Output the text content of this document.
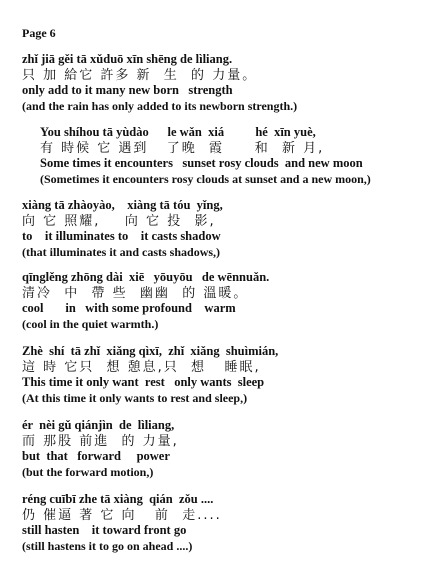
Page 6
zhǐ jiā gěi tā xǔduō xīn shēng de lìliang.
只 加 給它 許多 新  生  的 力量。
only add to it many new born   strength
(and the rain has only added to its newborn strength.)
You shíhou tā yùdào      le wǎn  xiá          hé  xīn yuè,
有 時候 它 遇到   了晚  霞     和  新 月,
Some times it encounters   sunset rosy clouds  and new moon
(Sometimes it encounters rosy clouds at sunset and a new moon,)
xiàng tā zhàoyào,    xiàng tā tóu  yǐng,
向 它 照耀,    向 它 投  影,
to    it illuminates to    it casts shadow
(that illuminates it and casts shadows,)
qīnglěng zhōng dài  xiē   yōuyōu   de wēnnuǎn.
清冷  中  帶 些  幽幽  的 溫暖。
cool       in   with some profound    warm
(cool in the quiet warmth.)
Zhè  shí  tā zhǐ  xiǎng qìxī,  zhǐ  xiǎng  shuìmián,
這 時 它只  想 憩息,只  想   睡眠,
This time it only want  rest   only wants  sleep
(At this time it only wants to rest and sleep,)
ér  nèi gǔ qiánjìn  de  lìliang,
而 那股 前進  的 力量,
but  that   forward     power
(but the forward motion,)
réng cuībī zhe tā xiàng  qián  zǒu ....
仍 催逼 著 它 向   前  走....
still hasten    it toward front go
(still hastens it to go on ahead ....)
